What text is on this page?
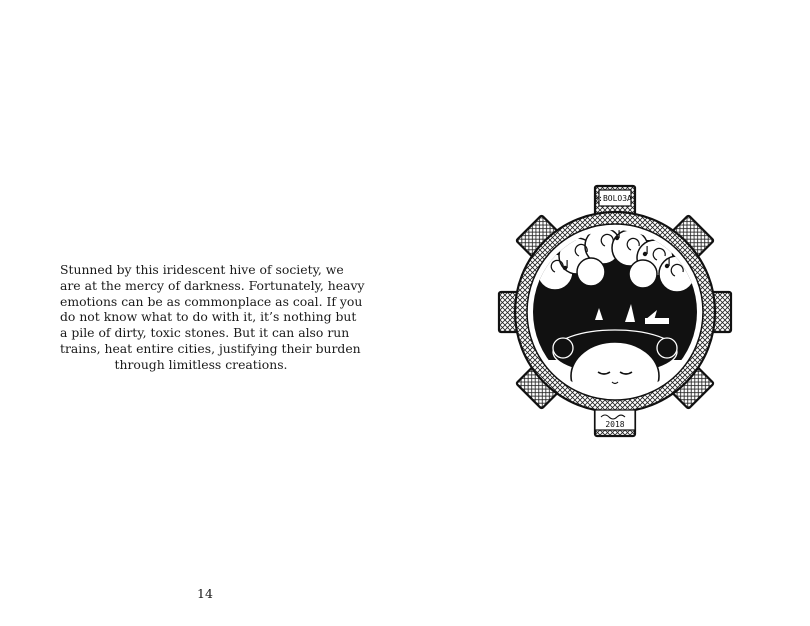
Stunned by this iridescent hive of society, we
are at the mercy of darkness. Fortunately, heavy
emotions can be as commonplace as coal. If you
do not know what to do with it, it’s nothing but
a pile of dirty, toxic stones. But it can also run
trains, heat entire cities, justifying their burden
through limitless creations.
14
S:BOLO3A:
2018
